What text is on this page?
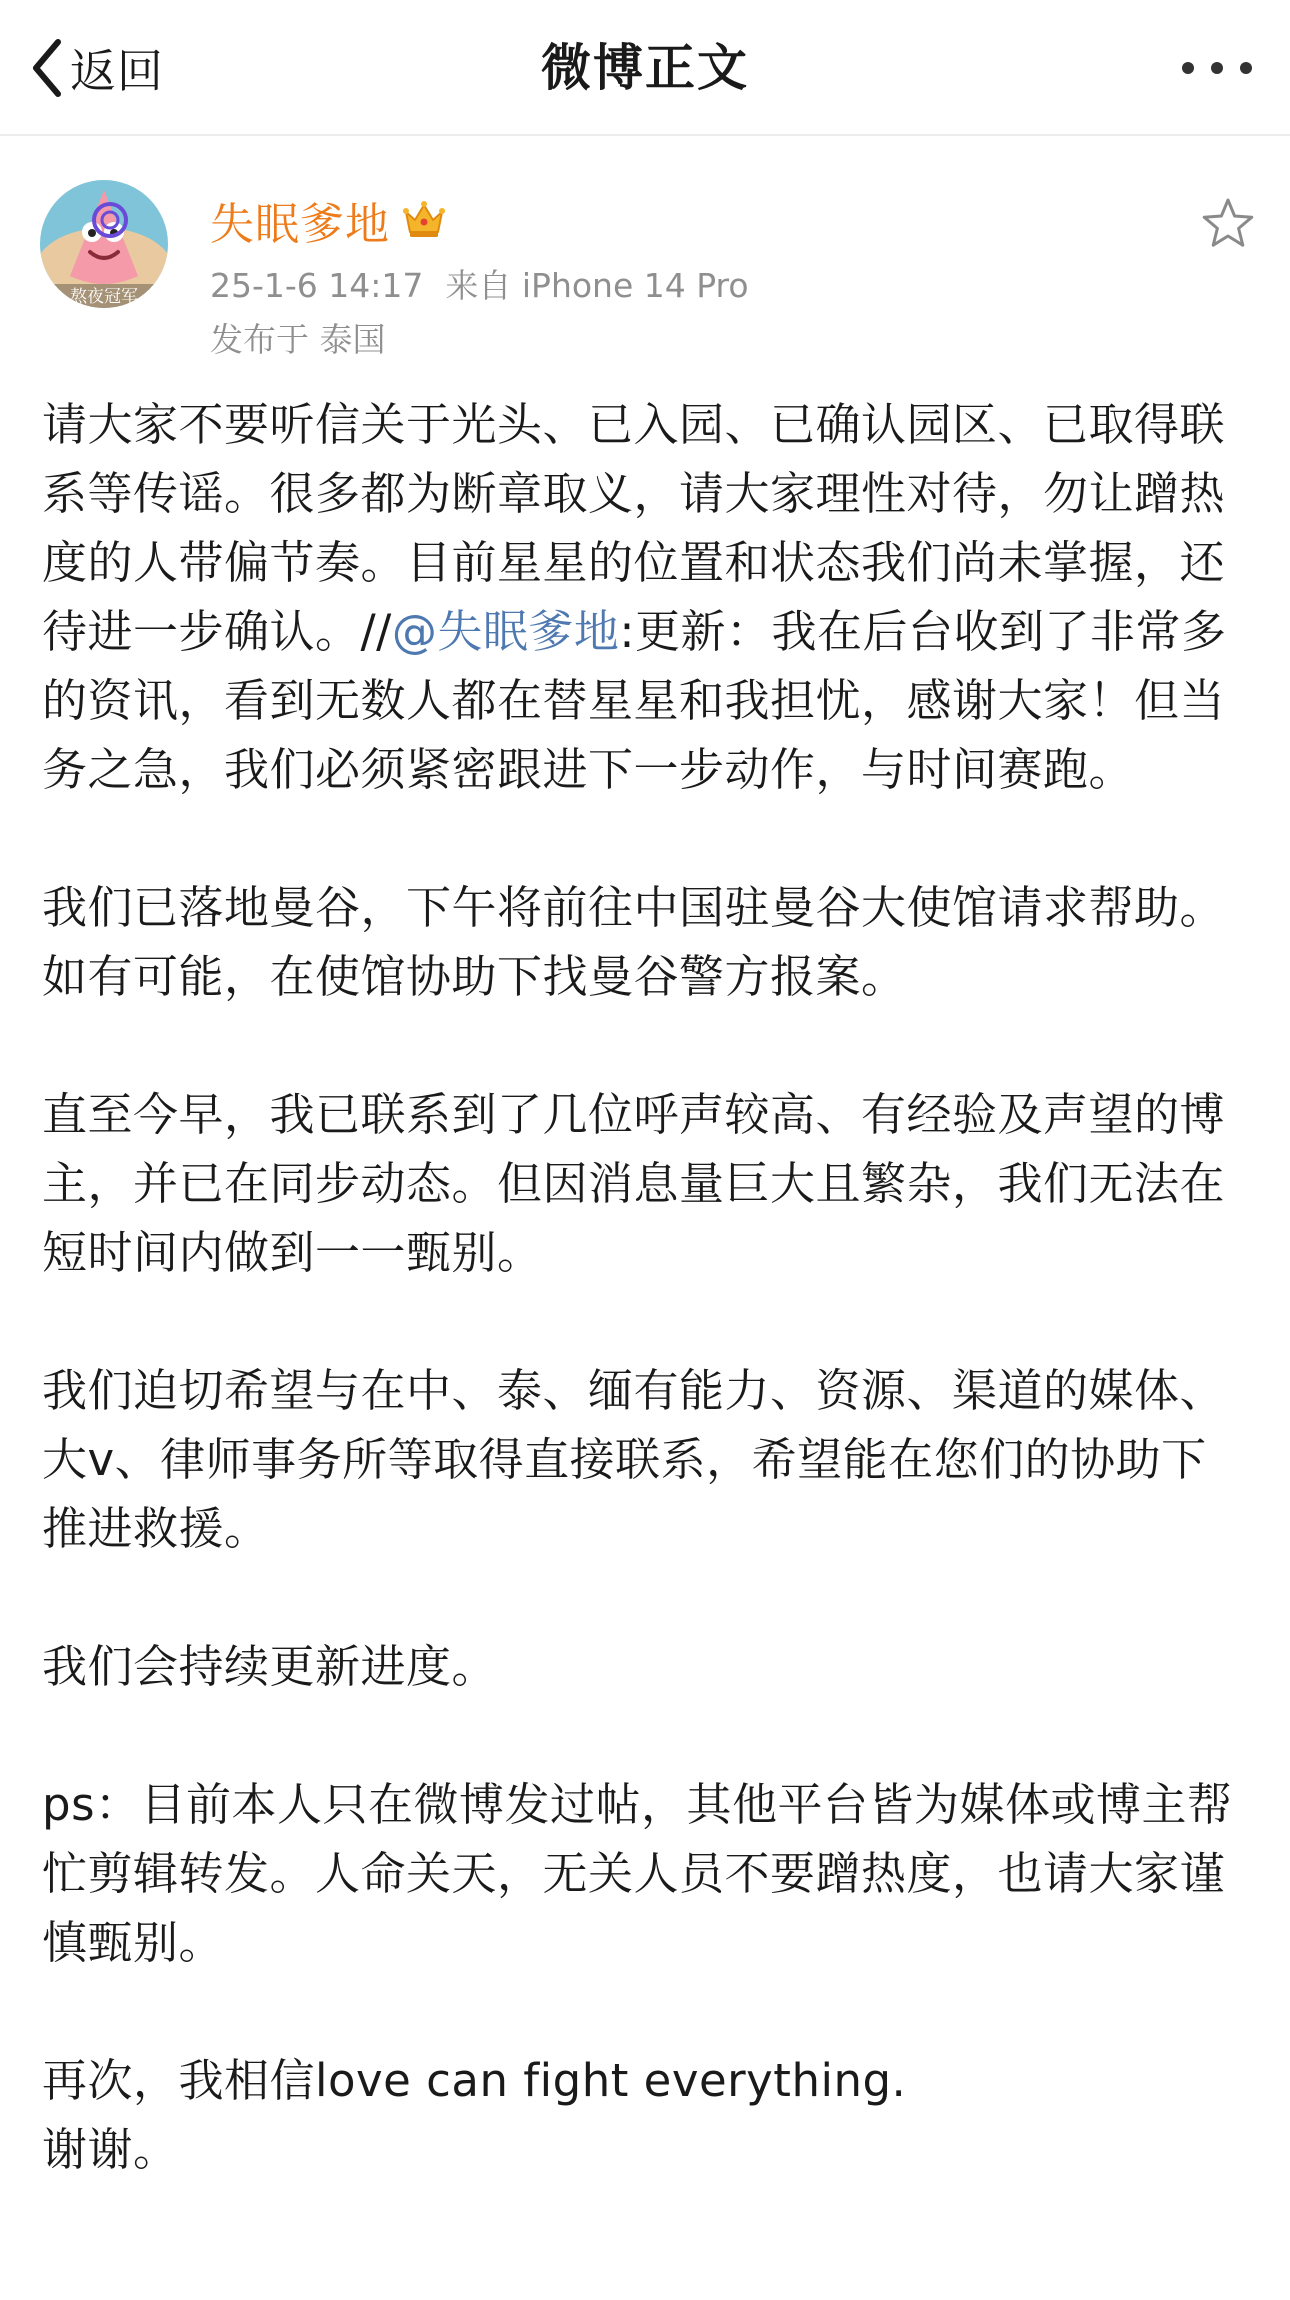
返回	微博正文
熬夜冠军
失眠爹地
25-1-6 14:17 来自 iPhone 14 Pro
发布于 泰国

请大家不要听信关于光头、已入园、已确认园区、已取得联系等传谣。很多都为断章取义，请大家理性对待，勿让蹭热度的人带偏节奏。目前星星的位置和状态我们尚未掌握，还待进一步确认。//@失眠爹地:更新：我在后台收到了非常多的资讯，看到无数人都在替星星和我担忧，感谢大家！但当务之急，我们必须紧密跟进下一步动作，与时间赛跑。

我们已落地曼谷，下午将前往中国驻曼谷大使馆请求帮助。如有可能，在使馆协助下找曼谷警方报案。

直至今早，我已联系到了几位呼声较高、有经验及声望的博主，并已在同步动态。但因消息量巨大且繁杂，我们无法在短时间内做到一一甄别。

我们迫切希望与在中、泰、缅有能力、资源、渠道的媒体、大v、律师事务所等取得直接联系，希望能在您们的协助下推进救援。

我们会持续更新进度。

ps：目前本人只在微博发过帖，其他平台皆为媒体或博主帮忙剪辑转发。人命关天，无关人员不要蹭热度，也请大家谨慎甄别。

再次，我相信love can fight everything.

谢谢。
